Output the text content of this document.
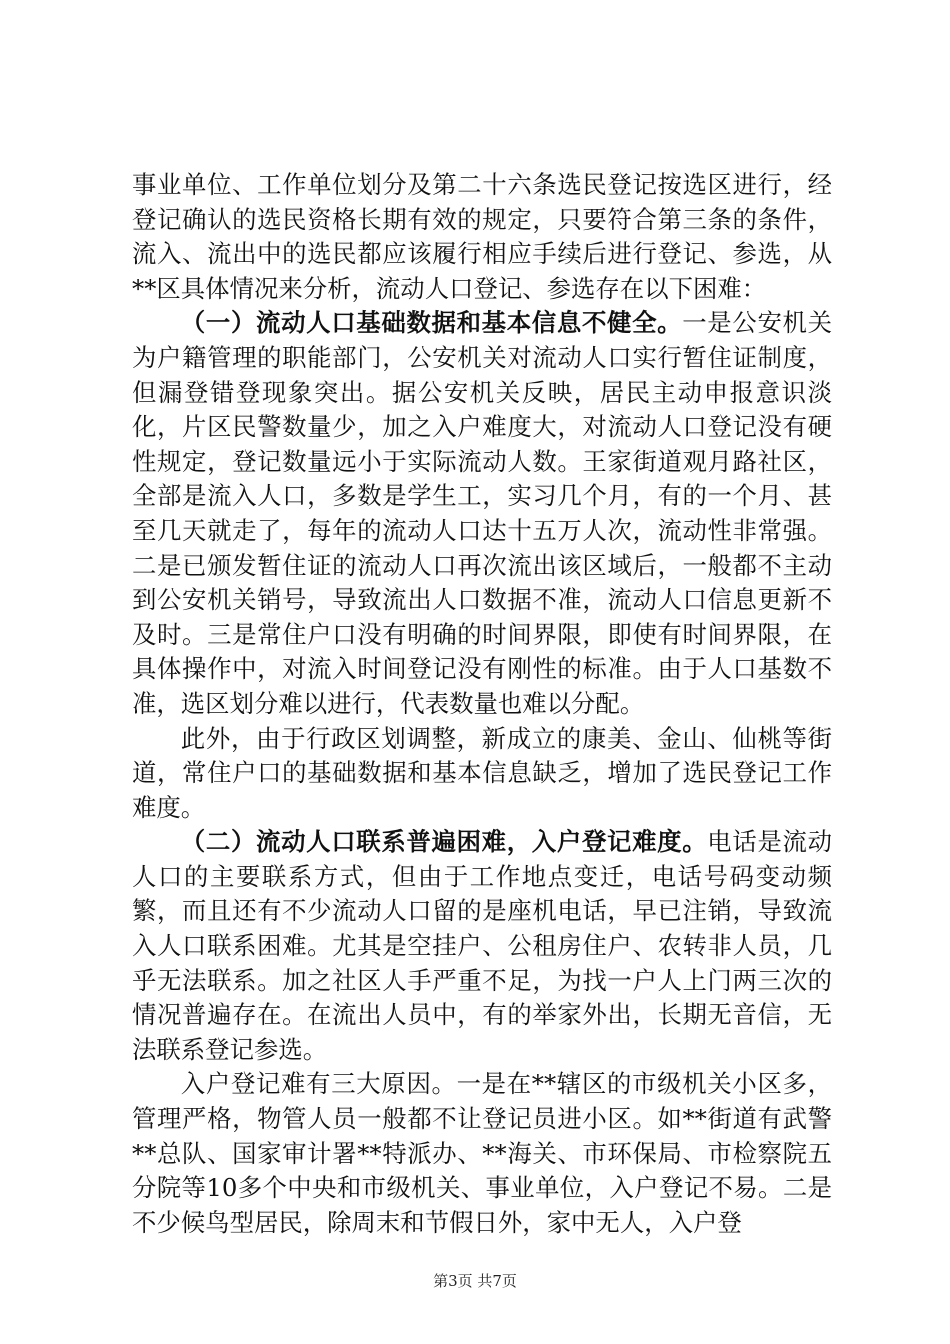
事业单位、工作单位划分及第二十六条选民登记按选区进行，经登记确认的选民资格长期有效的规定，只要符合第三条的条件，流入、流出中的选民都应该履行相应手续后进行登记、参选，从**区具体情况来分析，流动人口登记、参选存在以下困难：

（一）流动人口基础数据和基本信息不健全。一是公安机关为户籍管理的职能部门，公安机关对流动人口实行暂住证制度，但漏登错登现象突出。据公安机关反映，居民主动申报意识淡化，片区民警数量少，加之入户难度大，对流动人口登记没有硬性规定，登记数量远小于实际流动人数。王家街道观月路社区，全部是流入人口，多数是学生工，实习几个月，有的一个月、甚至几天就走了，每年的流动人口达十五万人次，流动性非常强。二是已颁发暂住证的流动人口再次流出该区域后，一般都不主动到公安机关销号，导致流出人口数据不准，流动人口信息更新不及时。三是常住户口没有明确的时间界限，即使有时间界限，在具体操作中，对流入时间登记没有刚性的标准。由于人口基数不准，选区划分难以进行，代表数量也难以分配。

此外，由于行政区划调整，新成立的康美、金山、仙桃等街道，常住户口的基础数据和基本信息缺乏，增加了选民登记工作难度。

（二）流动人口联系普遍困难，入户登记难度。电话是流动人口的主要联系方式，但由于工作地点变迁，电话号码变动频繁，而且还有不少流动人口留的是座机电话，早已注销，导致流入人口联系困难。尤其是空挂户、公租房住户、农转非人员，几乎无法联系。加之社区人手严重不足，为找一户人上门两三次的情况普遍存在。在流出人员中，有的举家外出，长期无音信，无法联系登记参选。

入户登记难有三大原因。一是在**辖区的市级机关小区多，管理严格，物管人员一般都不让登记员进小区。如**街道有武警**总队、国家审计署**特派办、**海关、市环保局、市检察院五分院等10多个中央和市级机关、事业单位，入户登记不易。二是不少候鸟型居民，除周末和节假日外，家中无人，入户登

第3页 共7页
